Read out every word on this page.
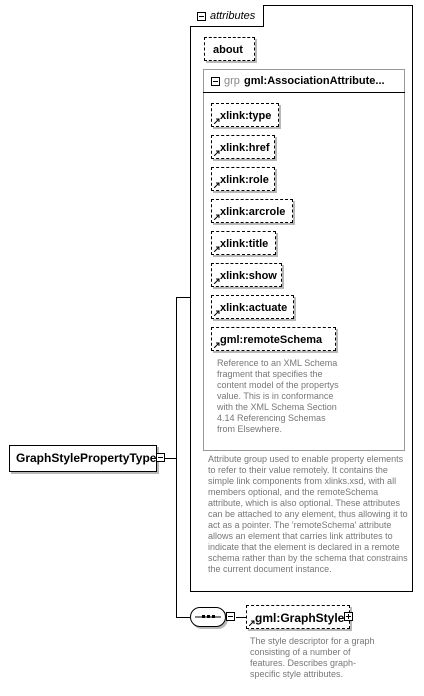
GraphStylePropertyType
attributes
about
grp gml:AssociationAttribute...
xlink:type
xlink:href
xlink:role
xlink:arcrole
xlink:title
xlink:show
xlink:actuate
gml:remoteSchema
Reference to an XML Schema fragment that specifies the content model of the propertys value. This is in conformance with the XML Schema Section 4.14 Referencing Schemas from Elsewhere.
Attribute group used to enable property elements to refer to their value remotely. It contains the simple link components from xlinks.xsd, with all members optional, and the remoteSchema attribute, which is also optional. These attributes can be attached to any element, thus allowing it to act as a pointer. The 'remoteSchema' attribute allows an element that carries link attributes to indicate that the element is declared in a remote schema rather than by the schema that constrains the current document instance.
gml:GraphStyle
The style descriptor for a graph consisting of a number of features. Describes graph-specific style attributes.
